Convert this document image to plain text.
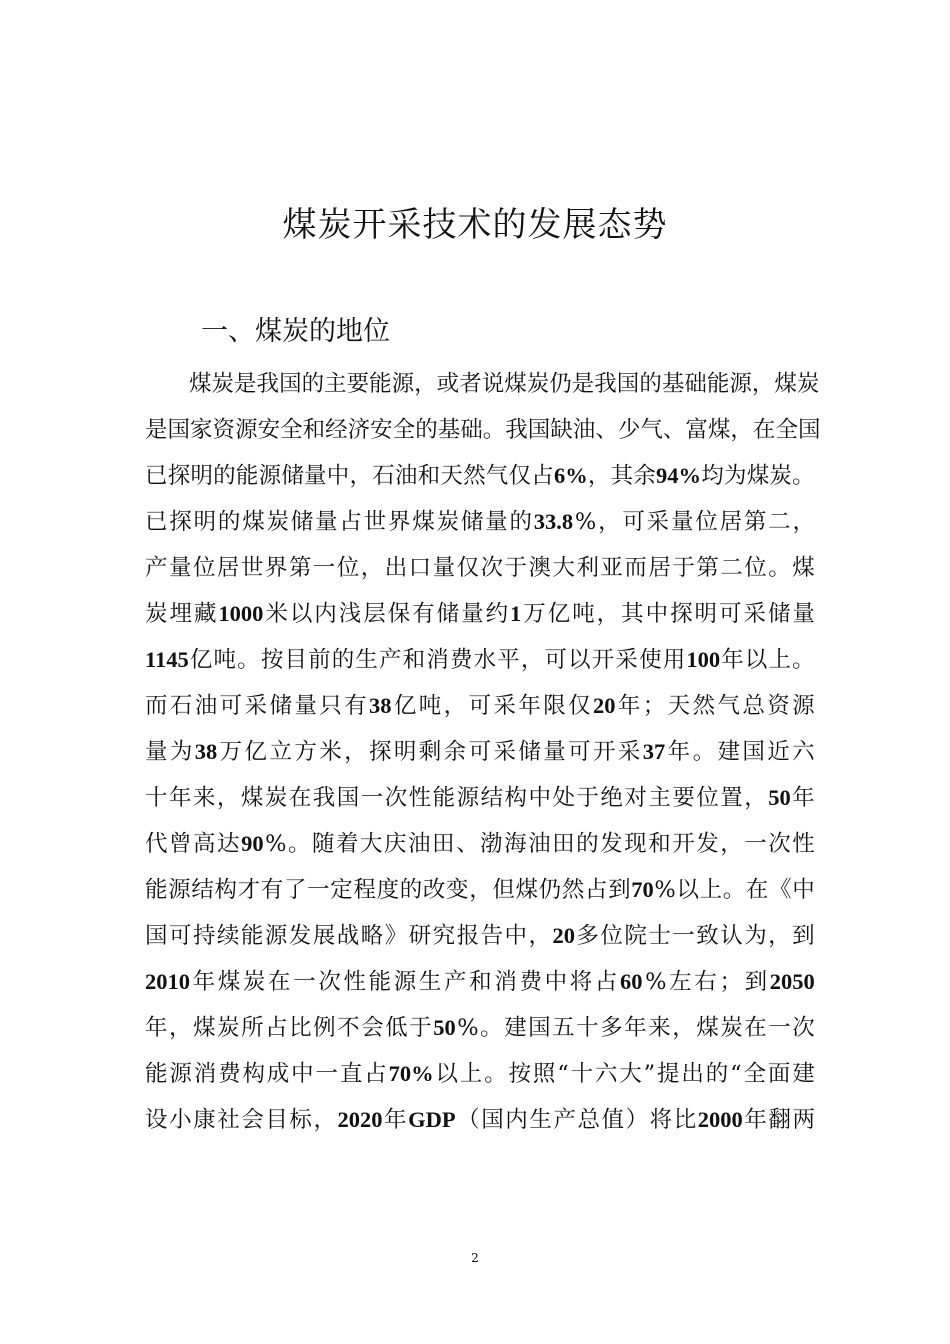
煤炭开采技术的发展态势
一、煤炭的地位
煤 炭 是 我 国 的 主 要 能 源 ， 或 者 说 煤 炭 仍 是 我 国 的 基 础 能 源 ， 煤 炭
是 国 家 资 源 安 全 和 经 济 安 全 的 基 础 。 我 国 缺 油 、 少 气 、 富 煤 ， 在 全 国
已 探 明 的 能 源 储 量 中 ， 石 油 和 天 然 气 仅 占 6% ， 其 余 94% 均 为 煤 炭 。
已 探 明 的 煤 炭 储 量 占 世 界 煤 炭 储 量 的 33.8 % ， 可 采 量 位 居 第 二 ，
产 量 位 居 世 界 第 一 位 ， 出 口 量 仅 次 于 澳 大 利 亚 而 居 于 第 二 位 。 煤
炭 埋 藏 1000 米 以 内 浅 层 保 有 储 量 约 1 万 亿 吨 ， 其 中 探 明 可 采 储 量
1145 亿 吨 。 按 目 前 的 生 产 和 消 费 水 平 ， 可 以 开 采 使 用 100 年 以 上 。
而 石 油 可 采 储 量 只 有 38 亿 吨 ， 可 采 年 限 仅 20 年 ； 天 然 气 总 资 源
量 为 38 万 亿 立 方 米 ， 探 明 剩 余 可 采 储 量 可 开 采 37 年 。 建 国 近 六
十 年 来 ， 煤 炭 在 我 国 一 次 性 能 源 结 构 中 处 于 绝 对 主 要 位 置 ， 50 年
代 曾 高 达 90 % 。 随 着 大 庆 油 田 、 渤 海 油 田 的 发 现 和 开 发 ， 一 次 性
能 源 结 构 才 有 了 一 定 程 度 的 改 变 ， 但 煤 仍 然 占 到 70 % 以 上 。 在 《 中
国 可 持 续 能 源 发 展 战 略 》 研 究 报 告 中 ， 20 多 位 院 士 一 致 认 为 ， 到
2010 年 煤 炭 在 一 次 性 能 源 生 产 和 消 费 中 将 占 60 % 左 右 ； 到 2050
年 ， 煤 炭 所 占 比 例 不 会 低 于 50 % 。 建 国 五 十 多 年 来 ， 煤 炭 在 一 次
能 源 消 费 构 成 中 一 直 占 70% 以 上 。 按 照 “ 十 六 大 ” 提 出 的 “ 全 面 建
设 小 康 社 会 目 标 ， 2020 年 GDP （ 国 内 生 产 总 值 ） 将 比 2000 年 翻 两
2
